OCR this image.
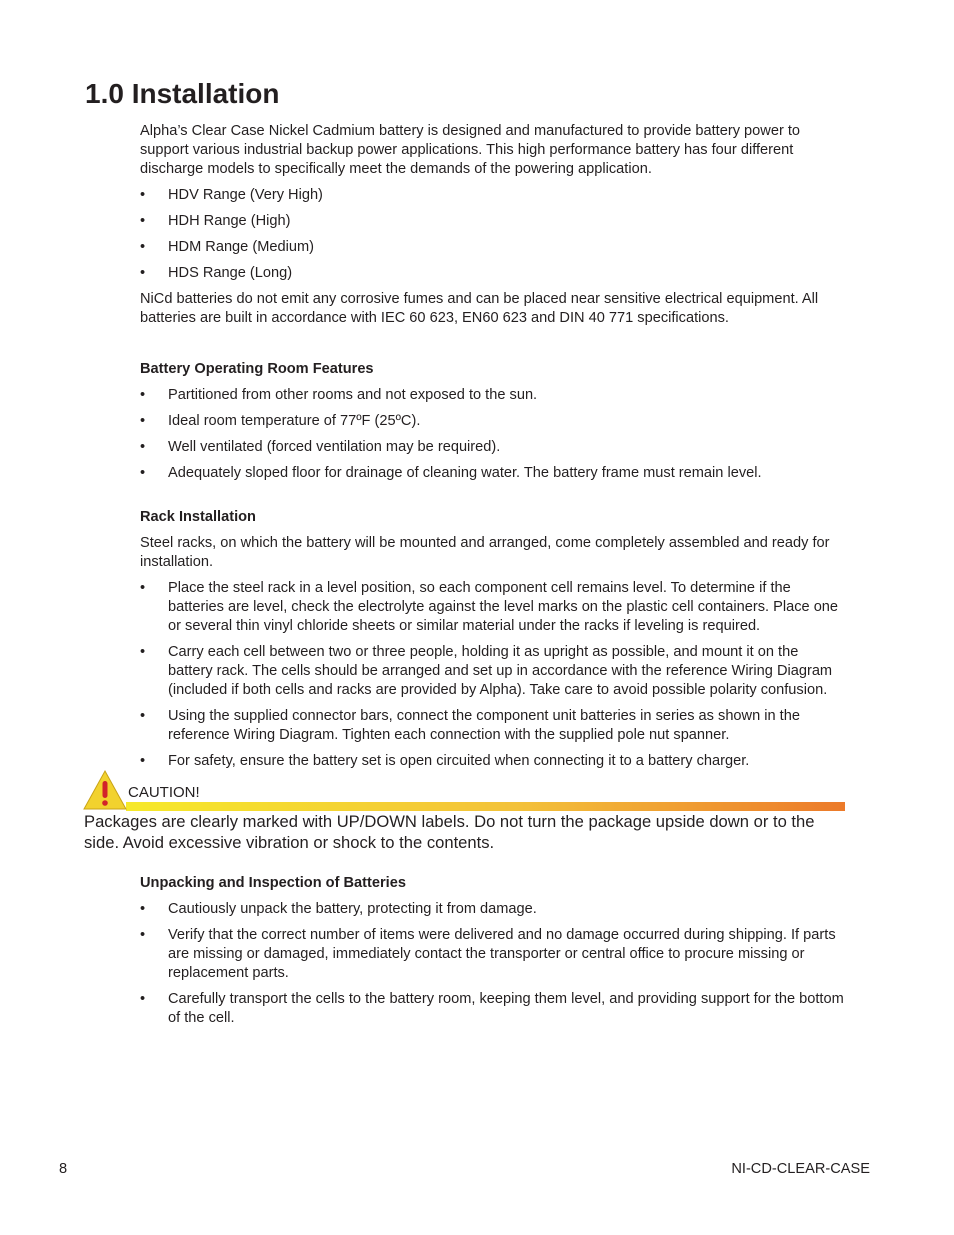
1.0 Installation

Alpha’s Clear Case Nickel Cadmium battery is designed and manufactured to provide battery power to support various industrial backup power applications. This high performance battery has four different discharge models to specifically meet the demands of the powering application.

• HDV Range (Very High)
• HDH Range (High)
• HDM Range (Medium)
• HDS Range (Long)

NiCd batteries do not emit any corrosive fumes and can be placed near sensitive electrical equipment. All batteries are built in accordance with IEC 60 623, EN60 623 and DIN 40 771 specifications.

Battery Operating Room Features
• Partitioned from other rooms and not exposed to the sun.
• Ideal room temperature of 77ºF (25ºC).
• Well ventilated (forced ventilation may be required).
• Adequately sloped floor for drainage of cleaning water. The battery frame must remain level.
Rack Installation

Steel racks, on which the battery will be mounted and arranged, come completely assembled and ready for installation.

• Place the steel rack in a level position, so each component cell remains level. To determine if the batteries are level, check the electrolyte against the level marks on the plastic cell containers. Place one or several thin vinyl chloride sheets or similar material under the racks if leveling is required.
• Carry each cell between two or three people, holding it as upright as possible, and mount it on the battery rack. The cells should be arranged and set up in accordance with the reference Wiring Diagram (included if both cells and racks are provided by Alpha). Take care to avoid possible polarity confusion.
• Using the supplied connector bars, connect the component unit batteries in series as shown in the reference Wiring Diagram. Tighten each connection with the supplied pole nut spanner.
• For safety, ensure the battery set is open circuited when connecting it to a battery charger.
CAUTION!

Packages are clearly marked with UP/DOWN labels. Do not turn the package upside down or to the side. Avoid excessive vibration or shock to the contents.

Unpacking and Inspection of Batteries
• Cautiously unpack the battery, protecting it from damage.
• Verify that the correct number of items were delivered and no damage occurred during shipping. If parts are missing or damaged, immediately contact the transporter or central office to procure missing or replacement parts.
• Carefully transport the cells to the battery room, keeping them level, and providing support for the bottom of the cell.
8	NI-CD-CLEAR-CASE
